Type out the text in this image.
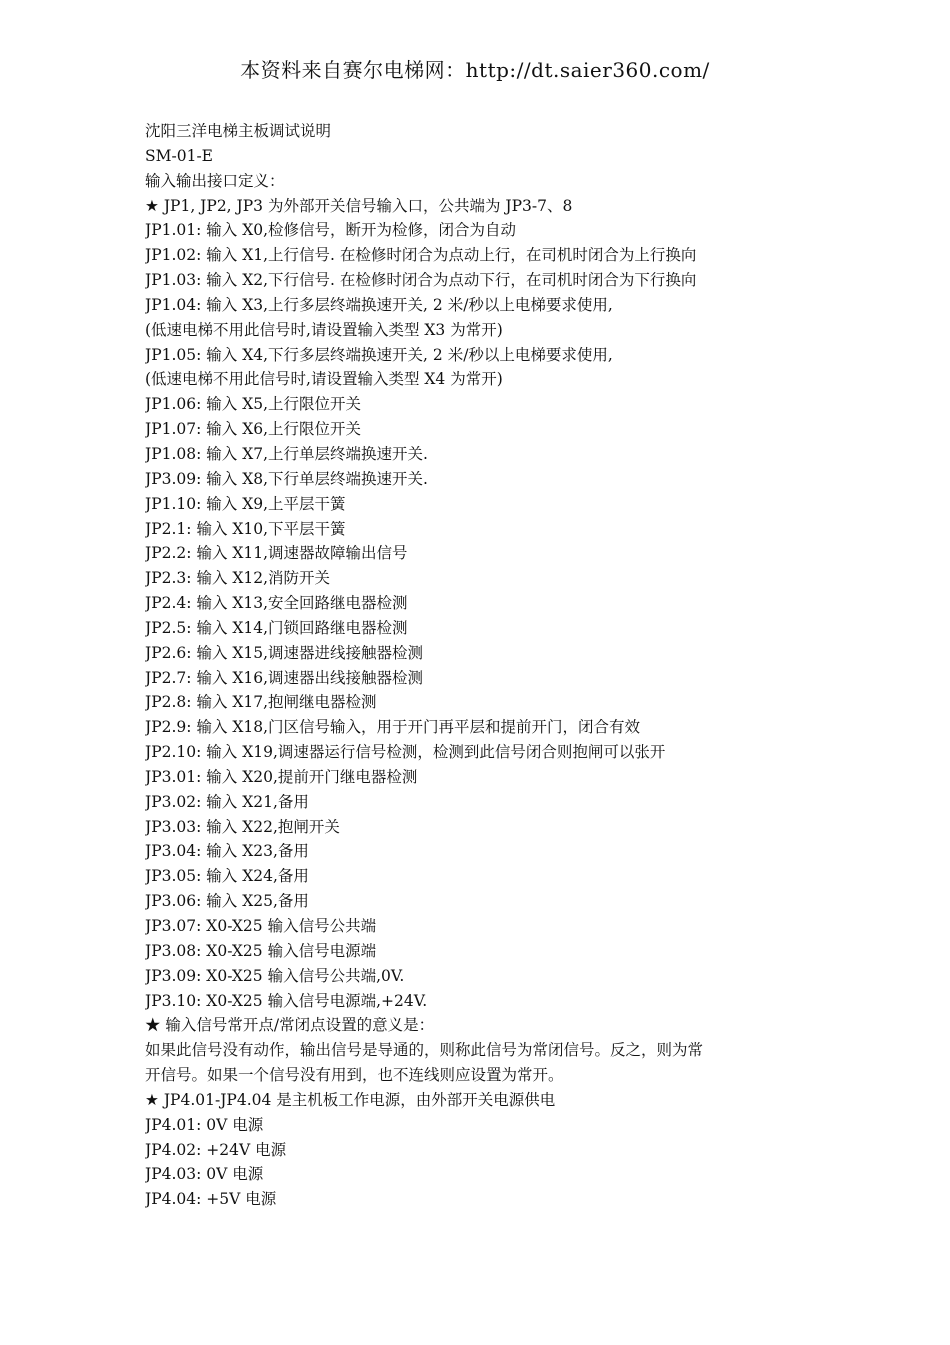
本资料来自赛尔电梯网：http://dt.saier360.com/
沈阳三洋电梯主板调试说明
SM-01-E
输入输出接口定义：
★ JP1, JP2, JP3 为外部开关信号输入口，公共端为 JP3-7、8
JP1.01: 输入 X0,检修信号，断开为检修，闭合为自动
JP1.02: 输入 X1,上行信号. 在检修时闭合为点动上行，在司机时闭合为上行换向
JP1.03: 输入 X2,下行信号. 在检修时闭合为点动下行，在司机时闭合为下行换向
JP1.04: 输入 X3,上行多层终端换速开关, 2 米/秒以上电梯要求使用,
(低速电梯不用此信号时,请设置输入类型 X3 为常开)
JP1.05: 输入 X4,下行多层终端换速开关, 2 米/秒以上电梯要求使用,
(低速电梯不用此信号时,请设置输入类型 X4 为常开)
JP1.06: 输入 X5,上行限位开关
JP1.07: 输入 X6,上行限位开关
JP1.08: 输入 X7,上行单层终端换速开关.
JP3.09: 输入 X8,下行单层终端换速开关.
JP1.10: 输入 X9,上平层干簧
JP2.1: 输入 X10,下平层干簧
JP2.2: 输入 X11,调速器故障输出信号
JP2.3: 输入 X12,消防开关
JP2.4: 输入 X13,安全回路继电器检测
JP2.5: 输入 X14,门锁回路继电器检测
JP2.6: 输入 X15,调速器进线接触器检测
JP2.7: 输入 X16,调速器出线接触器检测
JP2.8: 输入 X17,抱闸继电器检测
JP2.9: 输入 X18,门区信号输入，用于开门再平层和提前开门，闭合有效
JP2.10: 输入 X19,调速器运行信号检测，检测到此信号闭合则抱闸可以张开
JP3.01: 输入 X20,提前开门继电器检测
JP3.02: 输入 X21,备用
JP3.03: 输入 X22,抱闸开关
JP3.04: 输入 X23,备用
JP3.05: 输入 X24,备用
JP3.06: 输入 X25,备用
JP3.07: X0-X25 输入信号公共端
JP3.08: X0-X25 输入信号电源端
JP3.09: X0-X25 输入信号公共端,0V.
JP3.10: X0-X25 输入信号电源端,+24V.
★ 输入信号常开点/常闭点设置的意义是：
如果此信号没有动作，输出信号是导通的，则称此信号为常闭信号。反之，则为常
开信号。如果一个信号没有用到，也不连线则应设置为常开。
★ JP4.01-JP4.04 是主机板工作电源，由外部开关电源供电
JP4.01: 0V 电源
JP4.02: +24V 电源
JP4.03: 0V 电源
JP4.04: +5V 电源
